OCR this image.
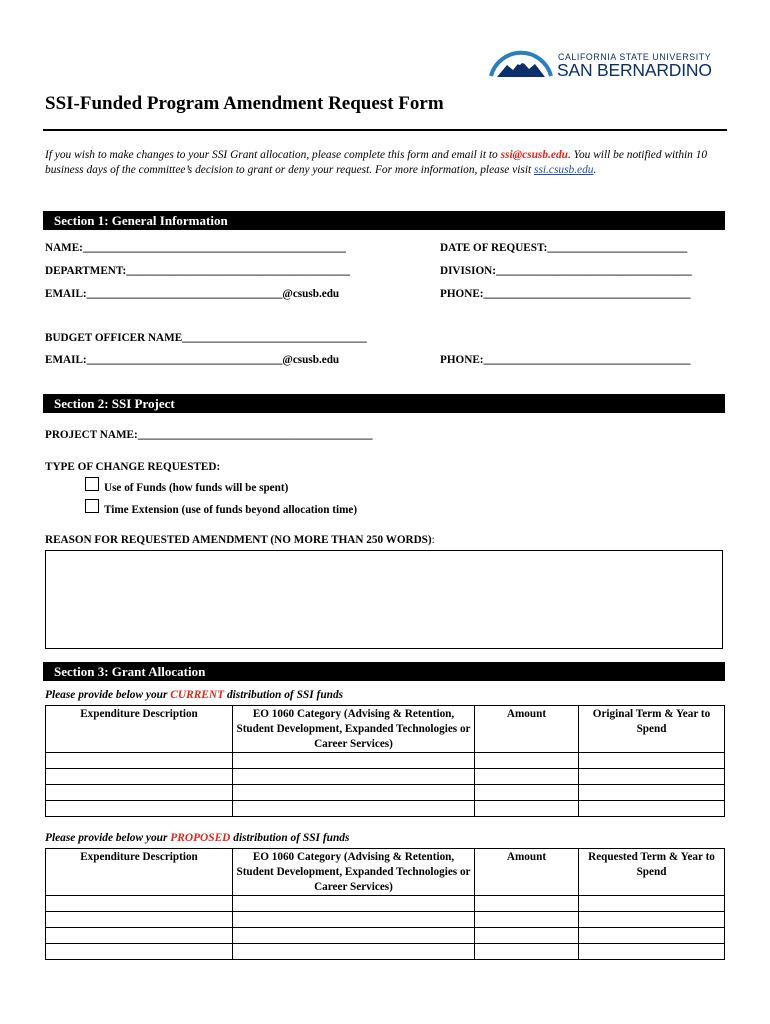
CALIFORNIA STATE UNIVERSITY
SAN BERNARDINO
SSI-Funded Program Amendment Request Form
If you wish to make changes to your SSI Grant allocation, please complete this form and email it to ssi@csusb.edu. You will be notified within 10 business days of the committee’s decision to grant or deny your request. For more information, please visit ssi.csusb.edu.
Section 1: General Information
NAME:_______________________________________________	DATE OF REQUEST:_________________________
DEPARTMENT:________________________________________	DIVISION:___________________________________
EMAIL:___________________________________@csusb.edu	PHONE:_____________________________________
BUDGET OFFICER NAME_________________________________
EMAIL:___________________________________@csusb.edu	PHONE:_____________________________________
Section 2: SSI Project
PROJECT NAME:__________________________________________
TYPE OF CHANGE REQUESTED:
Use of Funds (how funds will be spent)
Time Extension (use of funds beyond allocation time)
REASON FOR REQUESTED AMENDMENT (NO MORE THAN 250 WORDS):
Section 3: Grant Allocation
Please provide below your CURRENT distribution of SSI funds
Expenditure Description	EO 1060 Category (Advising & Retention, Student Development, Expanded Technologies or Career Services)	Amount	Original Term & Year to Spend

Please provide below your PROPOSED distribution of SSI funds
Expenditure Description	EO 1060 Category (Advising & Retention, Student Development, Expanded Technologies or Career Services)	Amount	Requested Term & Year to Spend
